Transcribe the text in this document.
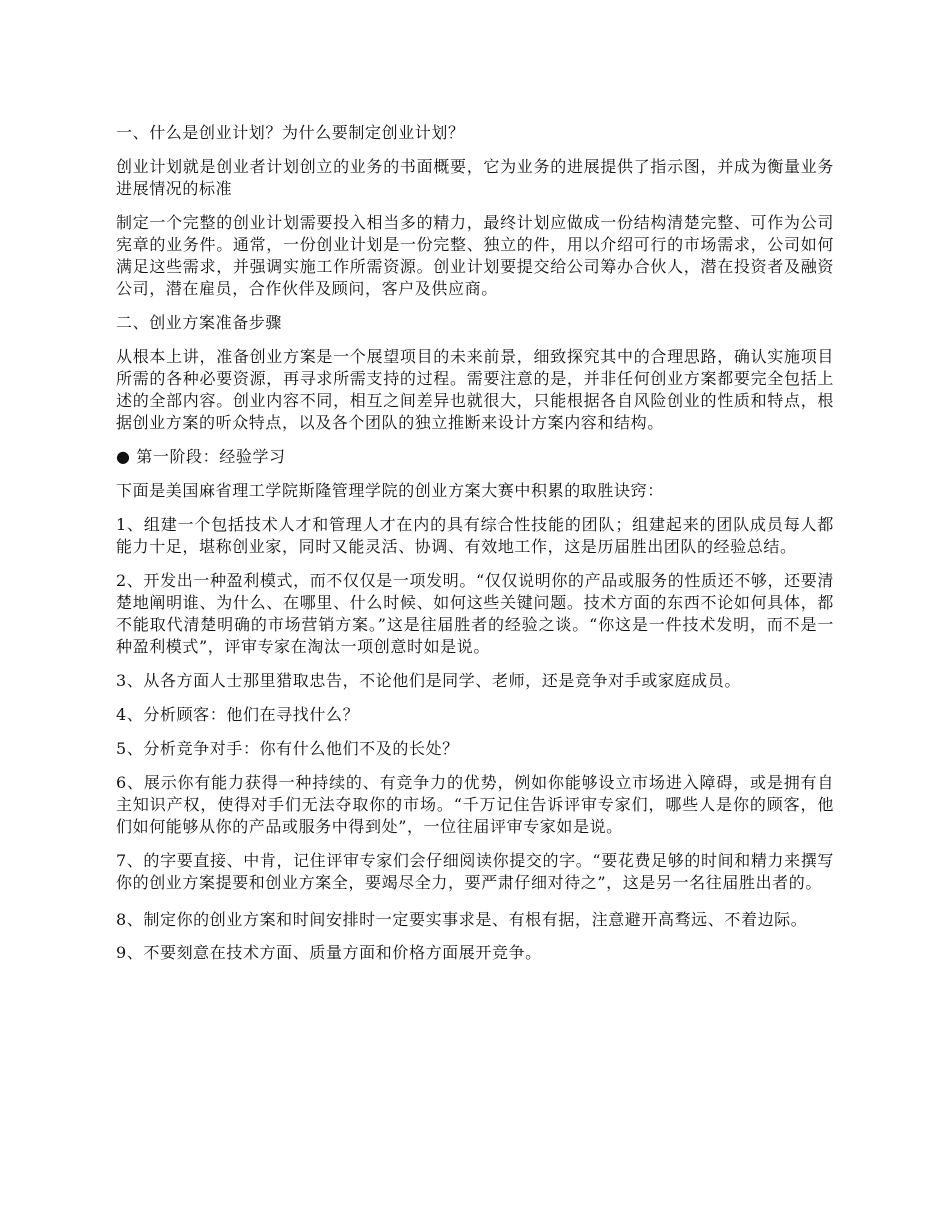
一、什么是创业计划？为什么要制定创业计划？

创业计划就是创业者计划创立的业务的书面概要，它为业务的进展提供了指示图，并成为衡量业务进展情况的标准

制定一个完整的创业计划需要投入相当多的精力，最终计划应做成一份结构清楚完整、可作为公司宪章的业务件。通常，一份创业计划是一份完整、独立的件，用以介绍可行的市场需求，公司如何满足这些需求，并强调实施工作所需资源。创业计划要提交给公司筹办合伙人，潜在投资者及融资公司，潜在雇员，合作伙伴及顾问，客户及供应商。

二、创业方案准备步骤

从根本上讲，准备创业方案是一个展望项目的未来前景，细致探究其中的合理思路，确认实施项目所需的各种必要资源，再寻求所需支持的过程。需要注意的是，并非任何创业方案都要完全包括上述的全部内容。创业内容不同，相互之间差异也就很大，只能根据各自风险创业的性质和特点，根据创业方案的听众特点，以及各个团队的独立推断来设计方案内容和结构。

● 第一阶段：经验学习

下面是美国麻省理工学院斯隆管理学院的创业方案大赛中积累的取胜诀窍：

1、组建一个包括技术人才和管理人才在内的具有综合性技能的团队；组建起来的团队成员每人都能力十足，堪称创业家，同时又能灵活、协调、有效地工作，这是历届胜出团队的经验总结。

2、开发出一种盈利模式，而不仅仅是一项发明。“仅仅说明你的产品或服务的性质还不够，还要清楚地阐明谁、为什么、在哪里、什么时候、如何这些关键问题。技术方面的东西不论如何具体，都不能取代清楚明确的市场营销方案。”这是往届胜者的经验之谈。“你这是一件技术发明，而不是一种盈利模式”，评审专家在淘汰一项创意时如是说。

3、从各方面人士那里猎取忠告，不论他们是同学、老师，还是竞争对手或家庭成员。

4、分析顾客：他们在寻找什么？

5、分析竞争对手：你有什么他们不及的长处？

6、展示你有能力获得一种持续的、有竞争力的优势，例如你能够设立市场进入障碍，或是拥有自主知识产权，使得对手们无法夺取你的市场。“千万记住告诉评审专家们，哪些人是你的顾客，他们如何能够从你的产品或服务中得到处”，一位往届评审专家如是说。

7、的字要直接、中肯，记住评审专家们会仔细阅读你提交的字。“要花费足够的时间和精力来撰写你的创业方案提要和创业方案全，要竭尽全力，要严肃仔细对待之”，这是另一名往届胜出者的。

8、制定你的创业方案和时间安排时一定要实事求是、有根有据，注意避开高骛远、不着边际。

9、不要刻意在技术方面、质量方面和价格方面展开竞争。
